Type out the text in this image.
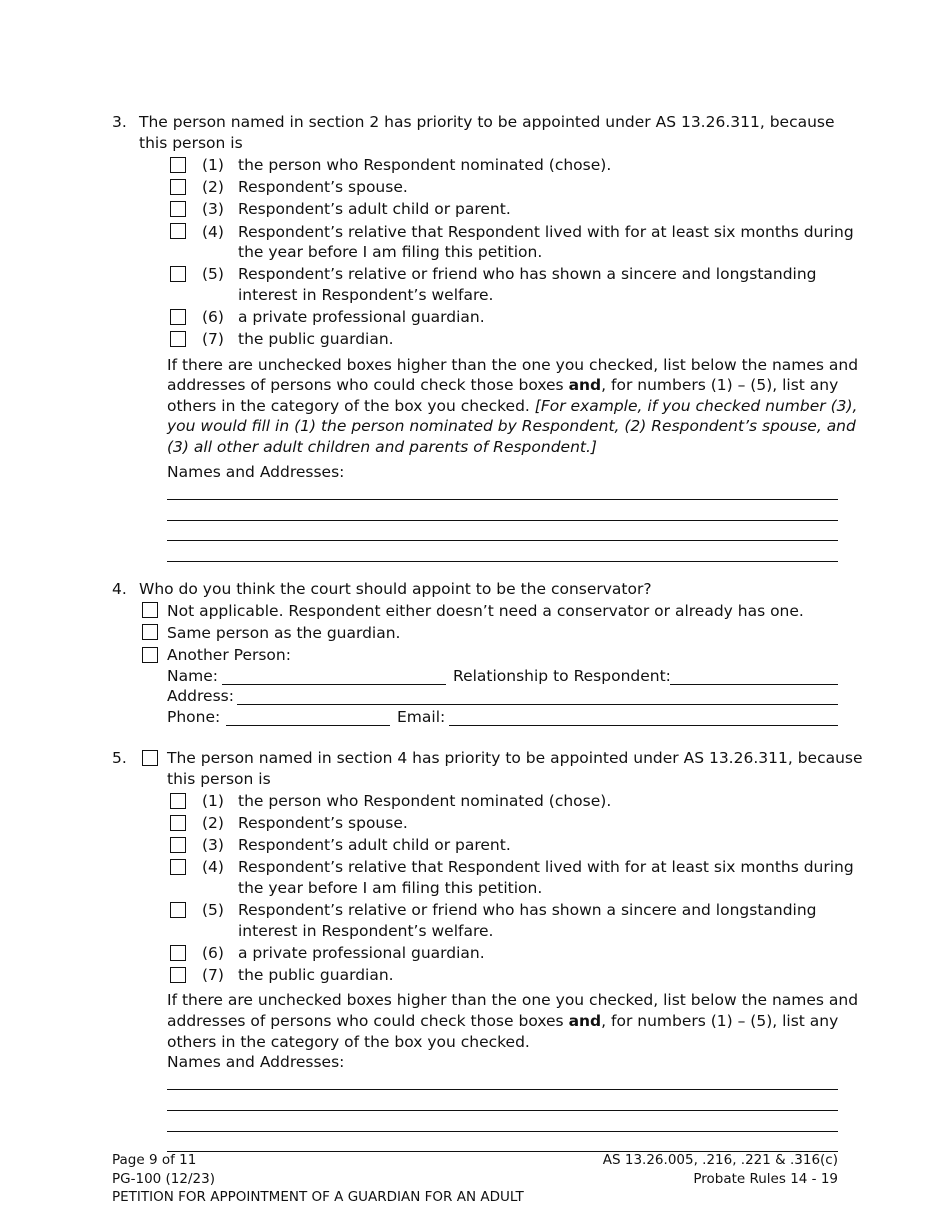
3. The person named in section 2 has priority to be appointed under AS 13.26.311, because
this person is
(1) the person who Respondent nominated (chose).
(2) Respondent’s spouse.
(3) Respondent’s adult child or parent.
(4) Respondent’s relative that Respondent lived with for at least six months during
the year before I am filing this petition.
(5) Respondent’s relative or friend who has shown a sincere and longstanding
interest in Respondent’s welfare.
(6) a private professional guardian.
(7) the public guardian.
If there are unchecked boxes higher than the one you checked, list below the names and
addresses of persons who could check those boxes and, for numbers (1) – (5), list any
others in the category of the box you checked. [For example, if you checked number (3),
you would fill in (1) the person nominated by Respondent, (2) Respondent’s spouse, and
(3) all other adult children and parents of Respondent.]
Names and Addresses:
4. Who do you think the court should appoint to be the conservator?
Not applicable. Respondent either doesn’t need a conservator or already has one.
Same person as the guardian.
Another Person:
Name:	Relationship to Respondent:
Address:
Phone:	Email:
5.	The person named in section 4 has priority to be appointed under AS 13.26.311, because
this person is
(1) the person who Respondent nominated (chose).
(2) Respondent’s spouse.
(3) Respondent’s adult child or parent.
(4) Respondent’s relative that Respondent lived with for at least six months during
the year before I am filing this petition.
(5) Respondent’s relative or friend who has shown a sincere and longstanding
interest in Respondent’s welfare.
(6) a private professional guardian.
(7) the public guardian.
If there are unchecked boxes higher than the one you checked, list below the names and
addresses of persons who could check those boxes and, for numbers (1) – (5), list any
others in the category of the box you checked.
Names and Addresses:
Page 9 of 11
PG-100 (12/23)
PETITION FOR APPOINTMENT OF A GUARDIAN FOR AN ADULT
AS 13.26.005, .216, .221 & .316(c)
Probate Rules 14 - 19
